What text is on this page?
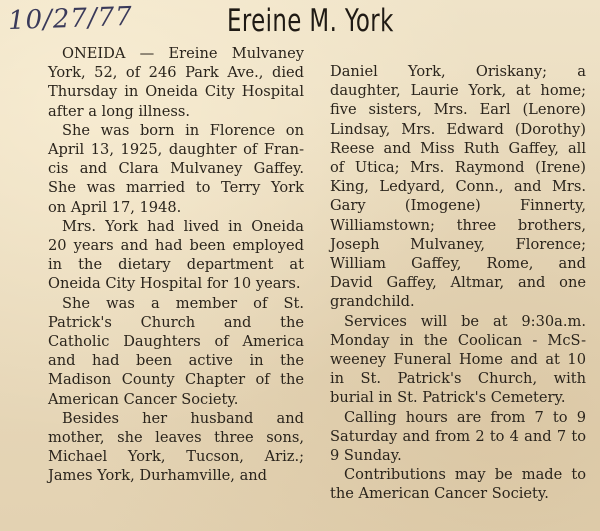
10/27/77	Ereine M. York
ONEIDA — Ereine Mulvaney
York, 52, of 246 Park Ave., died
Thursday in Oneida City Hospital
after a long illness.
She was born in Florence on
April 13, 1925, daughter of Fran-
cis and Clara Mulvaney Gaffey.
She was married to Terry York
on April 17, 1948.
Mrs. York had lived in Oneida
20 years and had been employed
in the dietary department at
Oneida City Hospital for 10 years.
She was a member of St.
Patrick's Church and the
Catholic Daughters of America
and had been active in the
Madison County Chapter of the
American Cancer Society.
Besides her husband and
mother, she leaves three sons,
Michael York, Tucson, Ariz.;
James York, Durhamville, and
Daniel York, Oriskany; a
daughter, Laurie York, at home;
five sisters, Mrs. Earl (Lenore)
Lindsay, Mrs. Edward (Dorothy)
Reese and Miss Ruth Gaffey, all
of Utica; Mrs. Raymond (Irene)
King, Ledyard, Conn., and Mrs.
Gary (Imogene) Finnerty,
Williamstown; three brothers,
Joseph Mulvaney, Florence;
William Gaffey, Rome, and
David Gaffey, Altmar, and one
grandchild.
Services will be at 9:30a.m.
Monday in the Coolican - McS-
weeney Funeral Home and at 10
in St. Patrick's Church, with
burial in St. Patrick's Cemetery.
Calling hours are from 7 to 9
Saturday and from 2 to 4 and 7 to
9 Sunday.
Contributions may be made to
the American Cancer Society.
